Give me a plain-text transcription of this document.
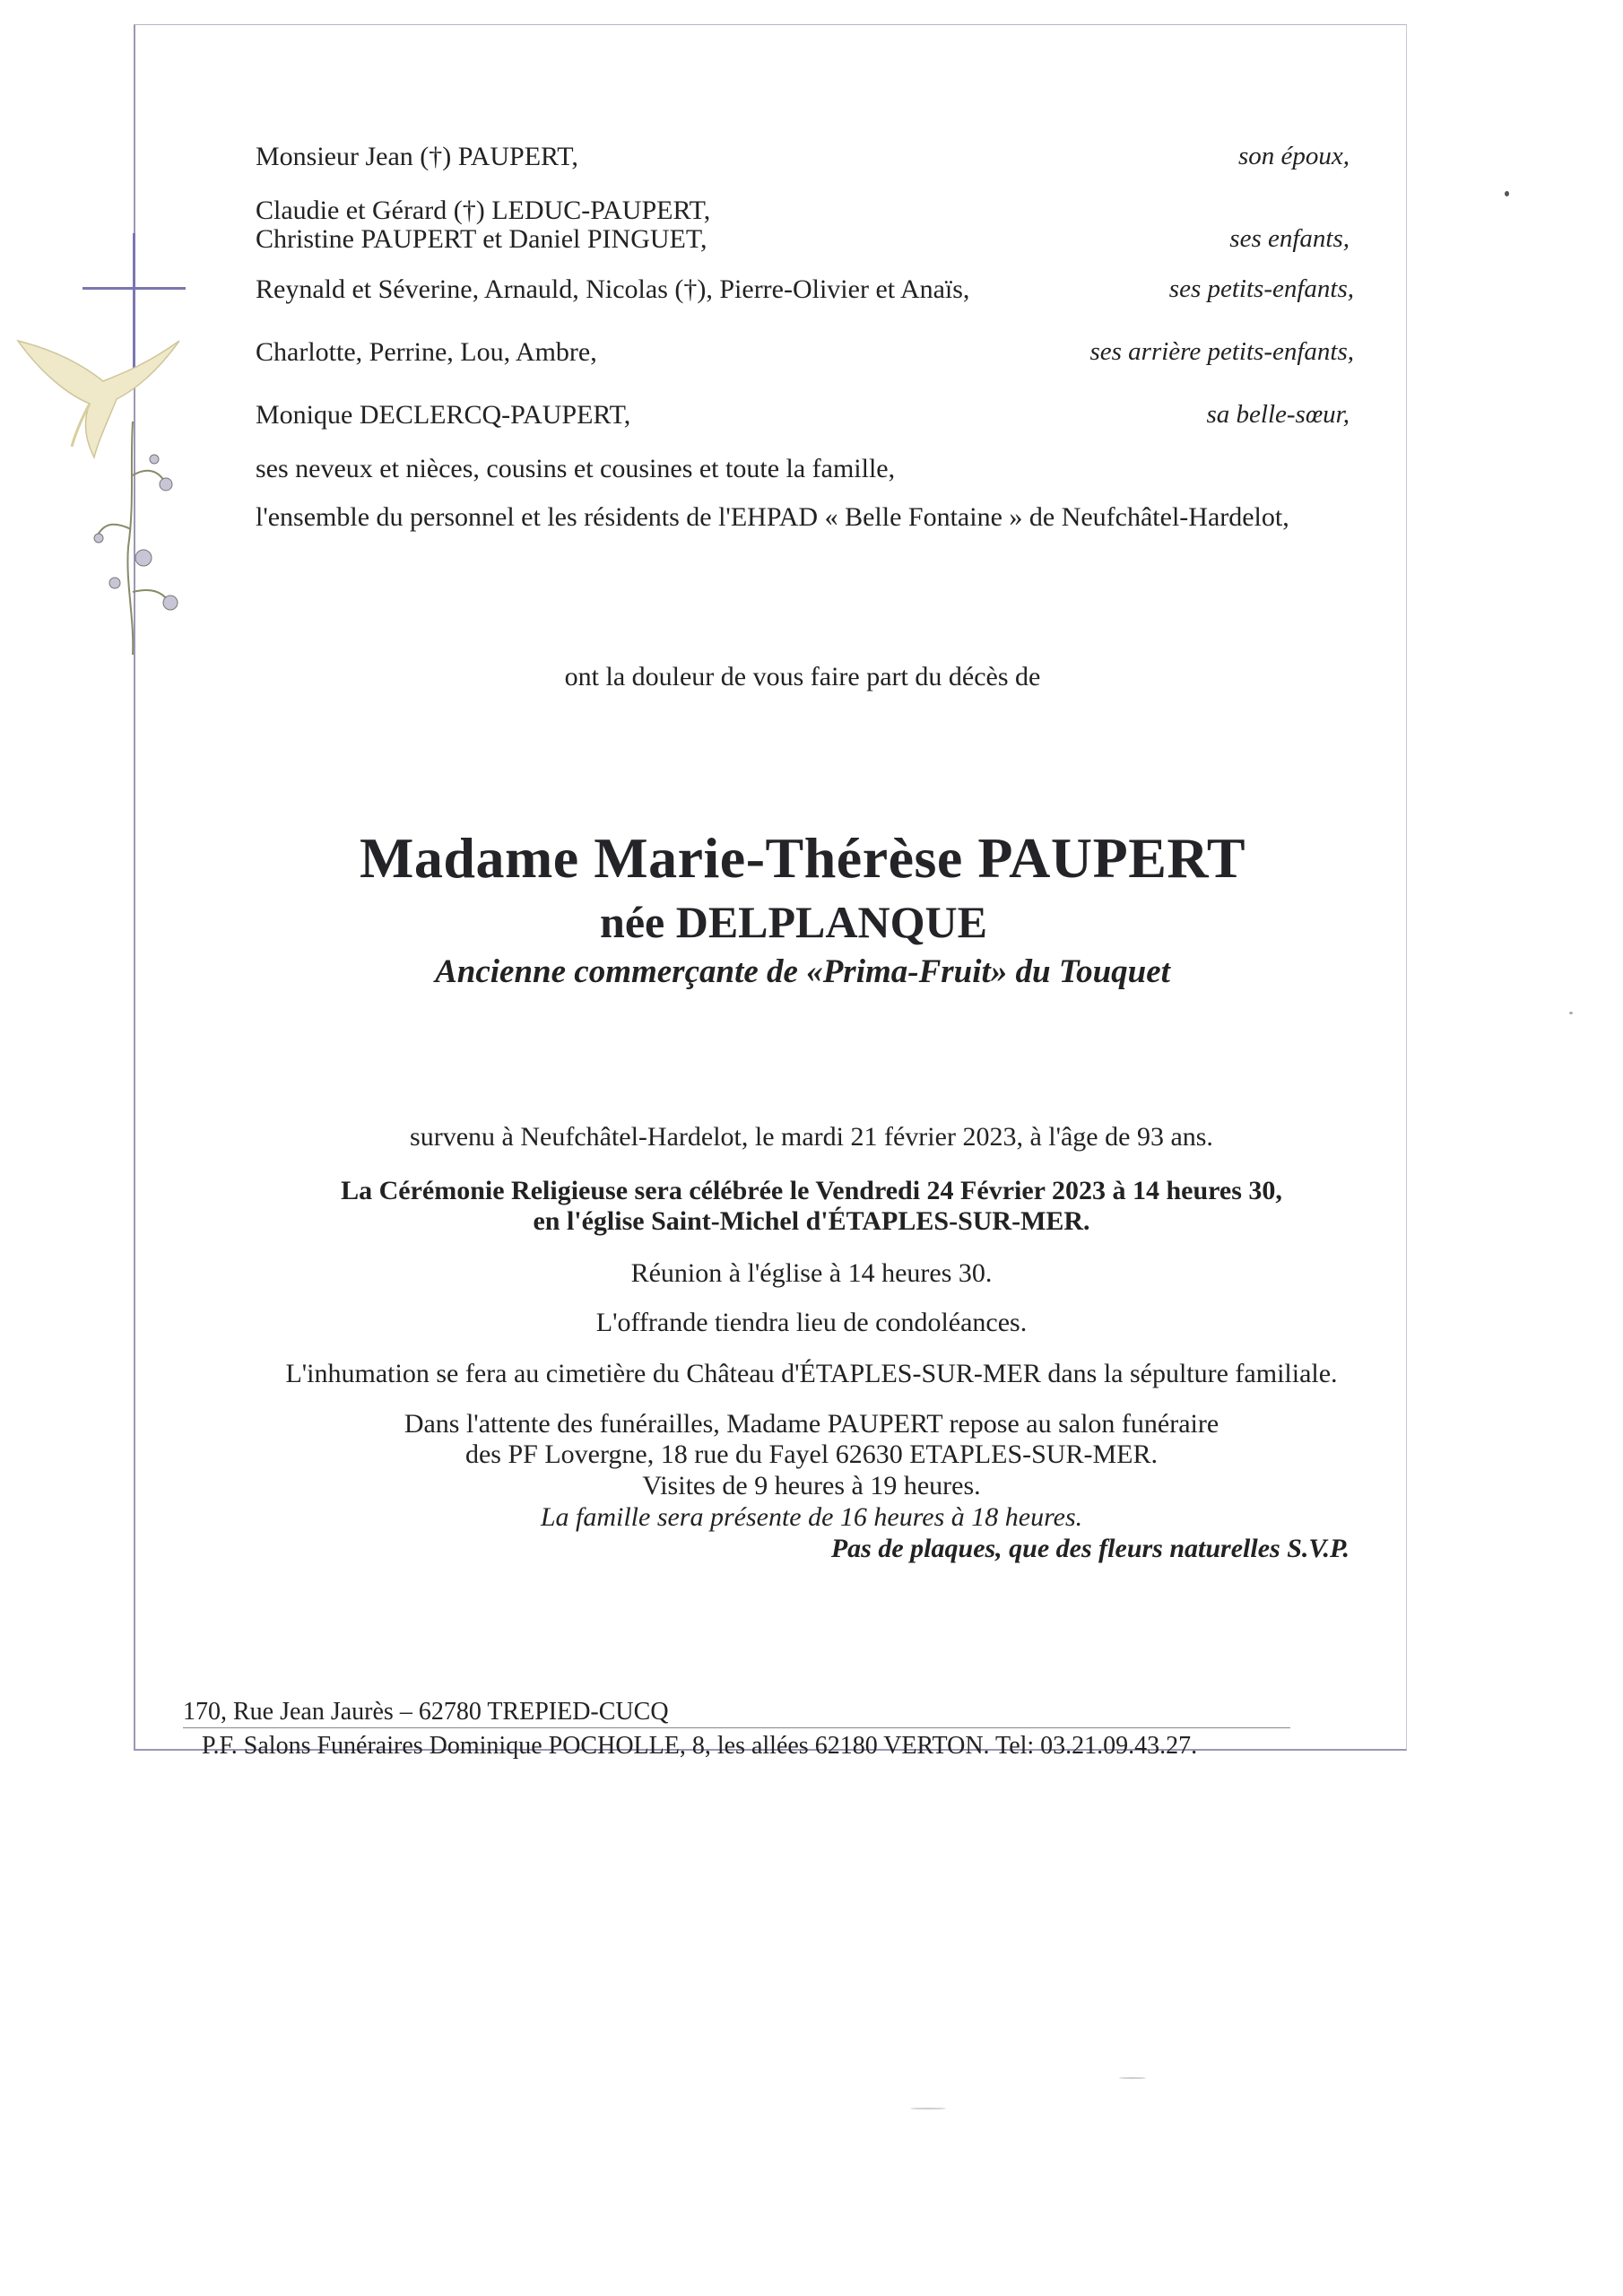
Monsieur Jean (†) PAUPERT,	son époux,
Claudie et Gérard (†) LEDUC-PAUPERT,
Christine PAUPERT et Daniel PINGUET,	ses enfants,
Reynald et Séverine, Arnauld, Nicolas (†), Pierre-Olivier et Anaïs,	ses petits-enfants,
Charlotte, Perrine, Lou, Ambre,	ses arrière petits-enfants,
Monique DECLERCQ-PAUPERT,	sa belle-sœur,
ses neveux et nièces, cousins et cousines et toute la famille,
l'ensemble du personnel et les résidents de l'EHPAD « Belle Fontaine » de Neufchâtel-Hardelot,
ont la douleur de vous faire part du décès de
Madame Marie-Thérèse PAUPERT
née DELPLANQUE
Ancienne commerçante de «Prima-Fruit» du Touquet
survenu à Neufchâtel-Hardelot, le mardi 21 février 2023, à l'âge de 93 ans.
La Cérémonie Religieuse sera célébrée le Vendredi 24 Février 2023 à 14 heures 30,
en l'église Saint-Michel d'ÉTAPLES-SUR-MER.
Réunion à l'église à 14 heures 30.
L'offrande tiendra lieu de condoléances.
L'inhumation se fera au cimetière du Château d'ÉTAPLES-SUR-MER dans la sépulture familiale.
Dans l'attente des funérailles, Madame PAUPERT repose au salon funéraire
des PF Lovergne, 18 rue du Fayel 62630 ETAPLES-SUR-MER.
Visites de 9 heures à 19 heures.
La famille sera présente de 16 heures à 18 heures.
Pas de plaques, que des fleurs naturelles S.V.P.
170, Rue Jean Jaurès – 62780 TREPIED-CUCQ
P.F. Salons Funéraires Dominique POCHOLLE, 8, les allées 62180 VERTON. Tel: 03.21.09.43.27.
